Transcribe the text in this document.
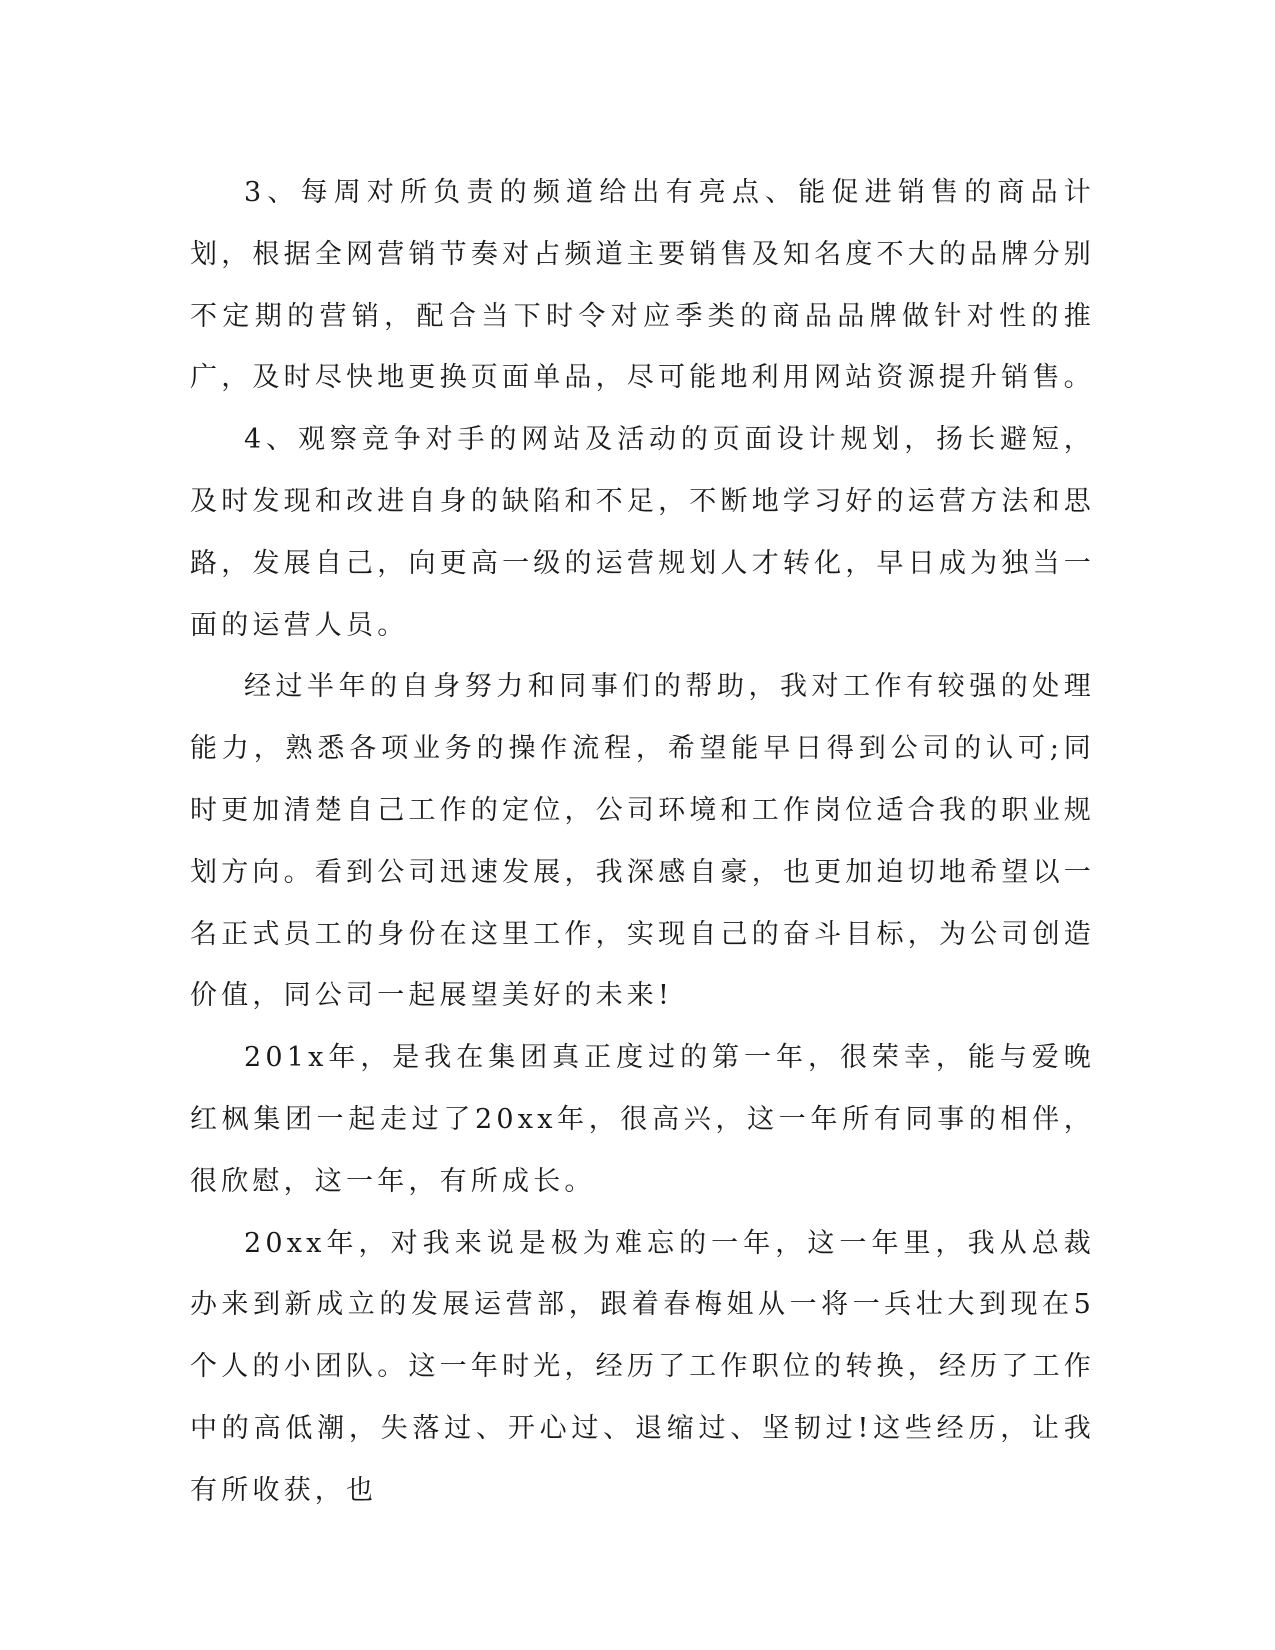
3、每周对所负责的频道给出有亮点、能促进销售的商品计划，根据全网营销节奏对占频道主要销售及知名度不大的品牌分别不定期的营销，配合当下时令对应季类的商品品牌做针对性的推广，及时尽快地更换页面单品，尽可能地利用网站资源提升销售。

4、观察竞争对手的网站及活动的页面设计规划，扬长避短，及时发现和改进自身的缺陷和不足，不断地学习好的运营方法和思路，发展自己，向更高一级的运营规划人才转化，早日成为独当一面的运营人员。

经过半年的自身努力和同事们的帮助，我对工作有较强的处理能力，熟悉各项业务的操作流程，希望能早日得到公司的认可;同时更加清楚自己工作的定位，公司环境和工作岗位适合我的职业规划方向。看到公司迅速发展，我深感自豪，也更加迫切地希望以一名正式员工的身份在这里工作，实现自己的奋斗目标，为公司创造价值，同公司一起展望美好的未来!

201x年，是我在集团真正度过的第一年，很荣幸，能与爱晚红枫集团一起走过了20xx年，很高兴，这一年所有同事的相伴，很欣慰，这一年，有所成长。

20xx年，对我来说是极为难忘的一年，这一年里，我从总裁办来到新成立的发展运营部，跟着春梅姐从一将一兵壮大到现在5个人的小团队。这一年时光，经历了工作职位的转换，经历了工作中的高低潮，失落过、开心过、退缩过、坚韧过!这些经历，让我有所收获，也
